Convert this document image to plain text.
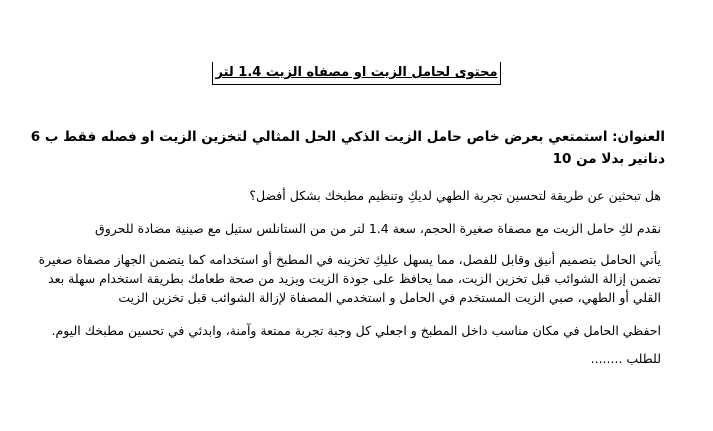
محتوى لحامل الزيت او مصفاه الزيت 1.4 لتر
العنوان: استمتعي بعرض خاص حامل الزيت الذكي الحل المثالي لتخزين الزيت او فصله فقط ب 6 دنانير بدلا من 10
هل تبحثين عن طريقة لتحسين تجربة الطهي لديكِ وتنظيم مطبخك بشكل أفضل؟
نقدم لكِ حامل الزيت مع مصفاة صغيرة الحجم، سعة 1.4 لتر من من الستانلس ستيل مع صينية مضادة للحروق
يأتي الحامل بتصميم أنيق وقابل للفصل، مما يسهل عليكِ تخزينه في المطبخ أو استخدامه كما يتضمن الجهاز مصفاة صغيرة تضمن إزالة الشوائب قبل تخزين الزيت، مما يحافظ على جودة الزيت ويزيد من صحة طعامك بطريقة استخدام سهلة بعد القلي أو الطهي، صبي الزيت المستخدم في الحامل و استخدمي المصفاة لإزالة الشوائب قبل تخزين الزيت
احفظي الحامل في مكان مناسب داخل المطبخ و اجعلي كل وجبة تجربة ممتعة وآمنة، وابدئي في تحسين مطبخك اليوم.
للطلب ........
